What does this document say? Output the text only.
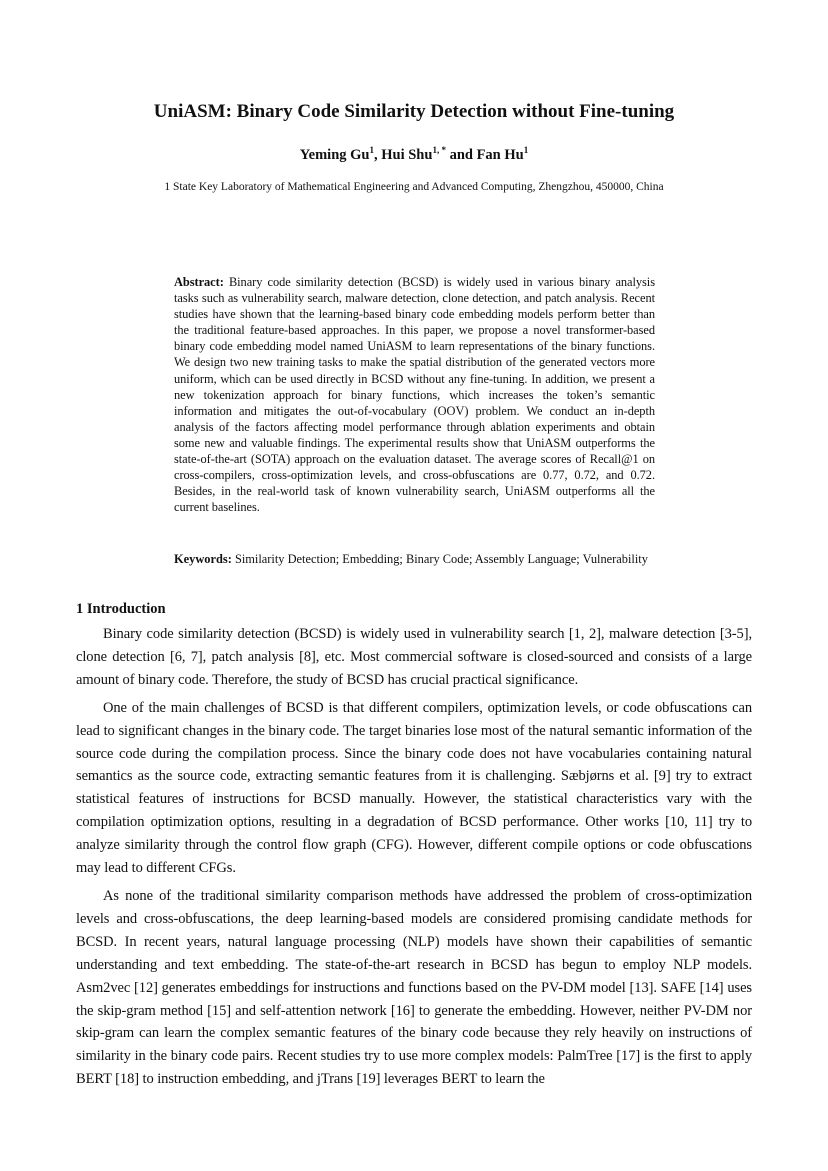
UniASM: Binary Code Similarity Detection without Fine-tuning
Yeming Gu$^1$, Hui Shu$^{1, *}$ and Fan Hu$^1$
1 State Key Laboratory of Mathematical Engineering and Advanced Computing, Zhengzhou, 450000, China
Abstract: Binary code similarity detection (BCSD) is widely used in various binary analysis tasks such as vulnerability search, malware detection, clone detection, and patch analysis. Recent studies have shown that the learning-based binary code embedding models perform better than the traditional feature-based approaches. In this paper, we propose a novel transformer-based binary code embedding model named UniASM to learn representations of the binary functions. We design two new training tasks to make the spatial distribution of the generated vectors more uniform, which can be used directly in BCSD without any fine-tuning. In addition, we present a new tokenization approach for binary functions, which increases the token’s semantic information and mitigates the out-of-vocabulary (OOV) problem. We conduct an in-depth analysis of the factors affecting model performance through ablation experiments and obtain some new and valuable findings. The experimental results show that UniASM outperforms the state-of-the-art (SOTA) approach on the evaluation dataset. The average scores of Recall@1 on cross-compilers, cross-optimization levels, and cross-obfuscations are 0.77, 0.72, and 0.72. Besides, in the real-world task of known vulnerability search, UniASM outperforms all the current baselines.
Keywords: Similarity Detection; Embedding; Binary Code; Assembly Language; Vulnerability
1 Introduction

Binary code similarity detection (BCSD) is widely used in vulnerability search [1, 2], malware detection [3-5], clone detection [6, 7], patch analysis [8], etc. Most commercial software is closed-sourced and consists of a large amount of binary code. Therefore, the study of BCSD has crucial practical significance.

One of the main challenges of BCSD is that different compilers, optimization levels, or code obfuscations can lead to significant changes in the binary code. The target binaries lose most of the natural semantic information of the source code during the compilation process. Since the binary code does not have vocabularies containing natural semantics as the source code, extracting semantic features from it is challenging. Sæbjørns et al. [9] try to extract statistical features of instructions for BCSD manually. However, the statistical characteristics vary with the compilation optimization options, resulting in a degradation of BCSD performance. Other works [10, 11] try to analyze similarity through the control flow graph (CFG). However, different compile options or code obfuscations may lead to different CFGs.

As none of the traditional similarity comparison methods have addressed the problem of cross-optimization levels and cross-obfuscations, the deep learning-based models are considered promising candidate methods for BCSD. In recent years, natural language processing (NLP) models have shown their capabilities of semantic understanding and text embedding. The state-of-the-art research in BCSD has begun to employ NLP models. Asm2vec [12] generates embeddings for instructions and functions based on the PV-DM model [13]. SAFE [14] uses the skip-gram method [15] and self-attention network [16] to generate the embedding. However, neither PV-DM nor skip-gram can learn the complex semantic features of the binary code because they rely heavily on instructions of similarity in the binary code pairs. Recent studies try to use more complex models: PalmTree [17] is the first to apply BERT [18] to instruction embedding, and jTrans [19] leverages BERT to learn the
